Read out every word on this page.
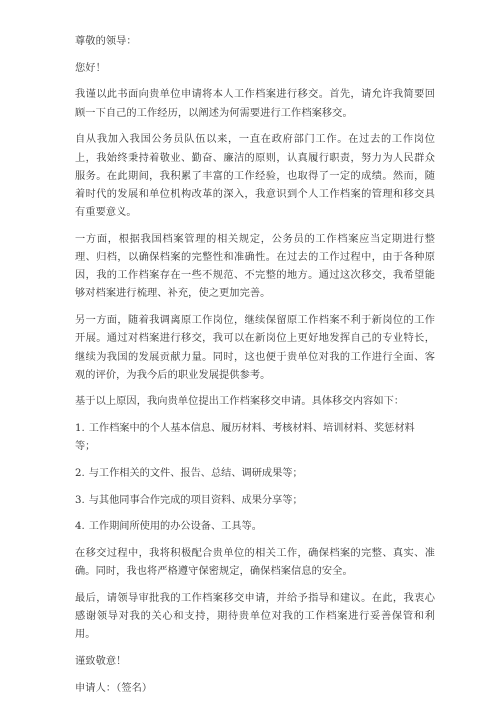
尊敬的领导：

您好！

我谨以此书面向贵单位申请将本人工作档案进行移交。首先，请允许我简要回顾一下自己的工作经历，以阐述为何需要进行工作档案移交。

自从我加入我国公务员队伍以来，一直在政府部门工作。在过去的工作岗位上，我始终秉持着敬业、勤奋、廉洁的原则，认真履行职责，努力为人民群众服务。在此期间，我积累了丰富的工作经验，也取得了一定的成绩。然而，随着时代的发展和单位机构改革的深入，我意识到个人工作档案的管理和移交具有重要意义。

一方面，根据我国档案管理的相关规定，公务员的工作档案应当定期进行整理、归档，以确保档案的完整性和准确性。在过去的工作过程中，由于各种原因，我的工作档案存在一些不规范、不完整的地方。通过这次移交，我希望能够对档案进行梳理、补充，使之更加完善。

另一方面，随着我调离原工作岗位，继续保留原工作档案不利于新岗位的工作开展。通过对档案进行移交，我可以在新岗位上更好地发挥自己的专业特长，继续为我国的发展贡献力量。同时，这也便于贵单位对我的工作进行全面、客观的评价，为我今后的职业发展提供参考。

基于以上原因，我向贵单位提出工作档案移交申请。具体移交内容如下：

1. 工作档案中的个人基本信息、履历材料、考核材料、培训材料、奖惩材料等；
2. 与工作相关的文件、报告、总结、调研成果等；
3. 与其他同事合作完成的项目资料、成果分享等；
4. 工作期间所使用的办公设备、工具等。

在移交过程中，我将积极配合贵单位的相关工作，确保档案的完整、真实、准确。同时，我也将严格遵守保密规定，确保档案信息的安全。

最后，请领导审批我的工作档案移交申请，并给予指导和建议。在此，我衷心感谢领导对我的关心和支持，期待贵单位对我的工作档案进行妥善保管和利用。

谨致敬意！

申请人：（签名）
